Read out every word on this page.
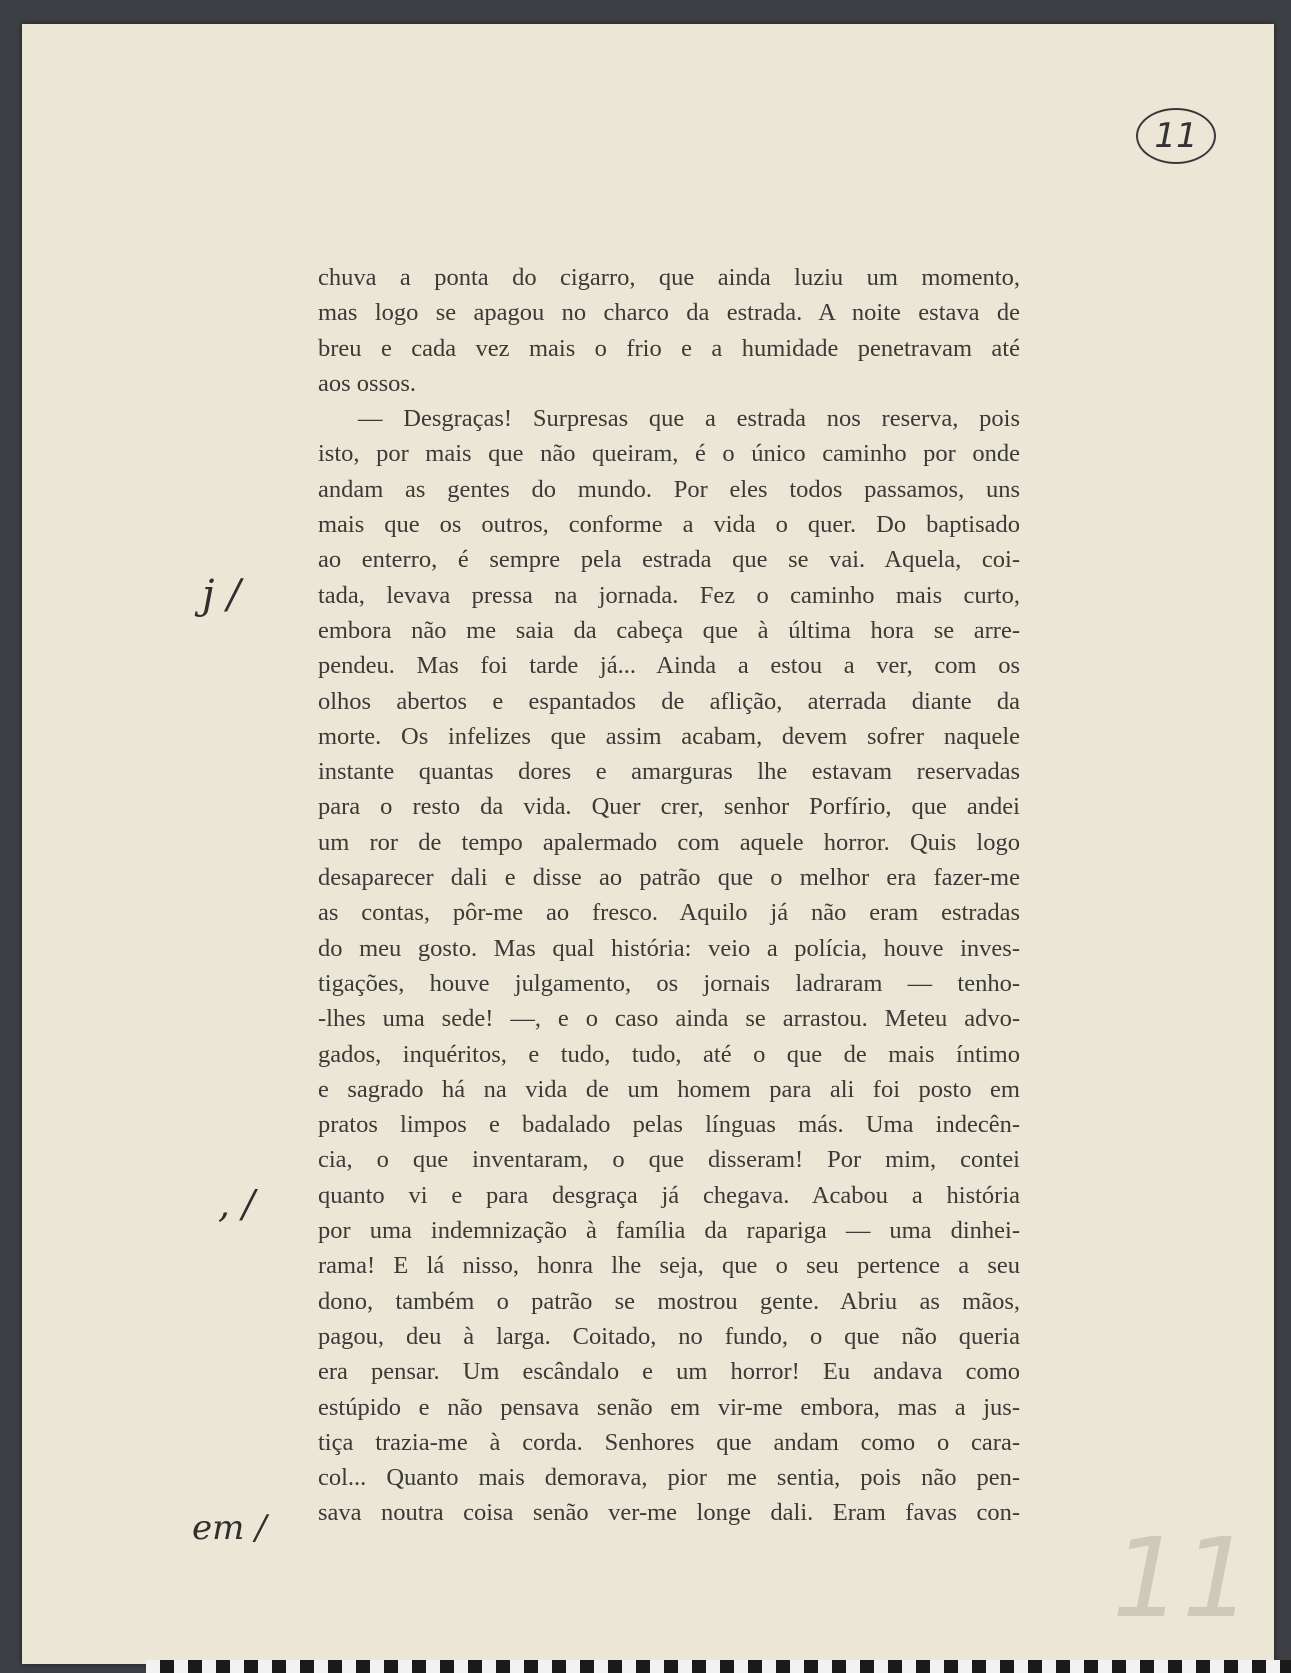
11
chuva a ponta do cigarro, que ainda luziu um momento,
mas logo se apagou no charco da estrada. A noite estava de
breu e cada vez mais o frio e a humidade penetravam até
aos ossos.
— Desgraças! Surpresas que a estrada nos reserva, pois
isto, por mais que não queiram, é o único caminho por onde
andam as gentes do mundo. Por eles todos passamos, uns
mais que os outros, conforme a vida o quer. Do baptisado
ao enterro, é sempre pela estrada que se vai. Aquela, coi-
tada, levava pressa na jornada. Fez o caminho mais curto,
embora não me saia da cabeça que à última hora se arre-
pendeu. Mas foi tarde já... Ainda a estou a ver, com os
olhos abertos e espantados de aflição, aterrada diante da
morte. Os infelizes que assim acabam, devem sofrer naquele
instante quantas dores e amarguras lhe estavam reservadas
para o resto da vida. Quer crer, senhor Porfírio, que andei
um ror de tempo apalermado com aquele horror. Quis logo
desaparecer dali e disse ao patrão que o melhor era fazer-me
as contas, pôr-me ao fresco. Aquilo já não eram estradas
do meu gosto. Mas qual história: veio a polícia, houve inves-
tigações, houve julgamento, os jornais ladraram — tenho-
-lhes uma sede! —, e o caso ainda se arrastou. Meteu advo-
gados, inquéritos, e tudo, tudo, até o que de mais íntimo
e sagrado há na vida de um homem para ali foi posto em
pratos limpos e badalado pelas línguas más. Uma indecên-
cia, o que inventaram, o que disseram! Por mim, contei
quanto vi e para desgraça já chegava. Acabou a história
por uma indemnização à família da rapariga — uma dinhei-
rama! E lá nisso, honra lhe seja, que o seu pertence a seu
dono, também o patrão se mostrou gente. Abriu as mãos,
pagou, deu à larga. Coitado, no fundo, o que não queria
era pensar. Um escândalo e um horror! Eu andava como
estúpido e não pensava senão em vir-me embora, mas a jus-
tiça trazia-me à corda. Senhores que andam como o cara-
col... Quanto mais demorava, pior me sentia, pois não pen-
sava noutra coisa senão ver-me longe dali. Eram favas con-
j /
, /
em /	11
